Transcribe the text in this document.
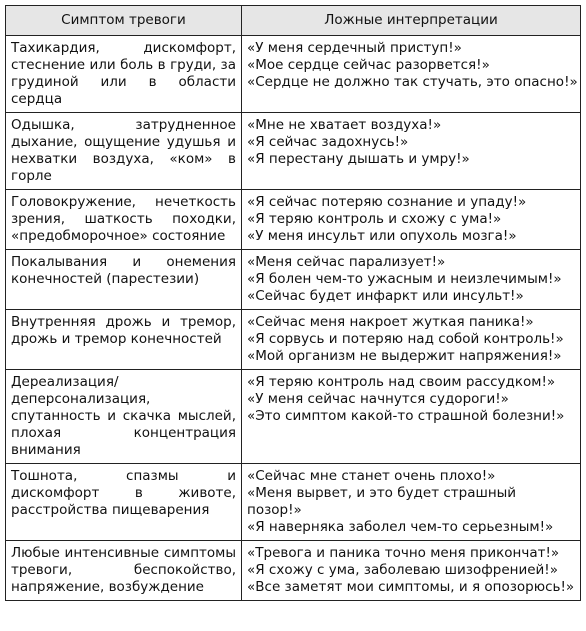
Симптом тревоги	Ложные интерпретации
Тахикардия, дискомфорт, стеснение или боль в груди, за грудиной или в области сердца	«У меня сердечный приступ!»
«Мое сердце сейчас разорвется!»
«Сердце не должно так стучать, это опасно!»

Одышка, затрудненное дыхание, ощущение удушья и нехватки воздуха, «ком» в горле	«Мне не хватает воздуха!»
«Я сейчас задохнусь!»
«Я перестану дышать и умру!»

Головокружение, нечеткость зрения, шаткость походки, «предобморочное» состояние	«Я сейчас потеряю сознание и упаду!»
«Я теряю контроль и схожу с ума!»
«У меня инсульт или опухоль мозга!»

Покалывания и онемения конечностей (парестезии)	«Меня сейчас парализует!»
«Я болен чем-то ужасным и неизлечимым!»
«Сейчас будет инфаркт или инсульт!»

Внутренняя дрожь и тремор, дрожь и тремор конечностей	«Сейчас меня накроет жуткая паника!»
«Я сорвусь и потеряю над собой контроль!»
«Мой организм не выдержит напряжения!»

Дереализация/деперсонализация, спутанность и скачка мыслей, плохая концентрация внимания	«Я теряю контроль над своим рассудком!»
«У меня сейчас начнутся судороги!»
«Это симптом какой-то страшной болезни!»

Тошнота, спазмы и дискомфорт в животе, расстройства пищеварения	«Сейчас мне станет очень плохо!»
«Меня вырвет, и это будет страшный позор!»
«Я наверняка заболел чем-то серьезным!»

Любые интенсивные симптомы тревоги, беспокойство, напряжение, возбуждение	«Тревога и паника точно меня прикончат!»
«Я схожу с ума, заболеваю шизофренией!»
«Все заметят мои симптомы, и я опозорюсь!»
